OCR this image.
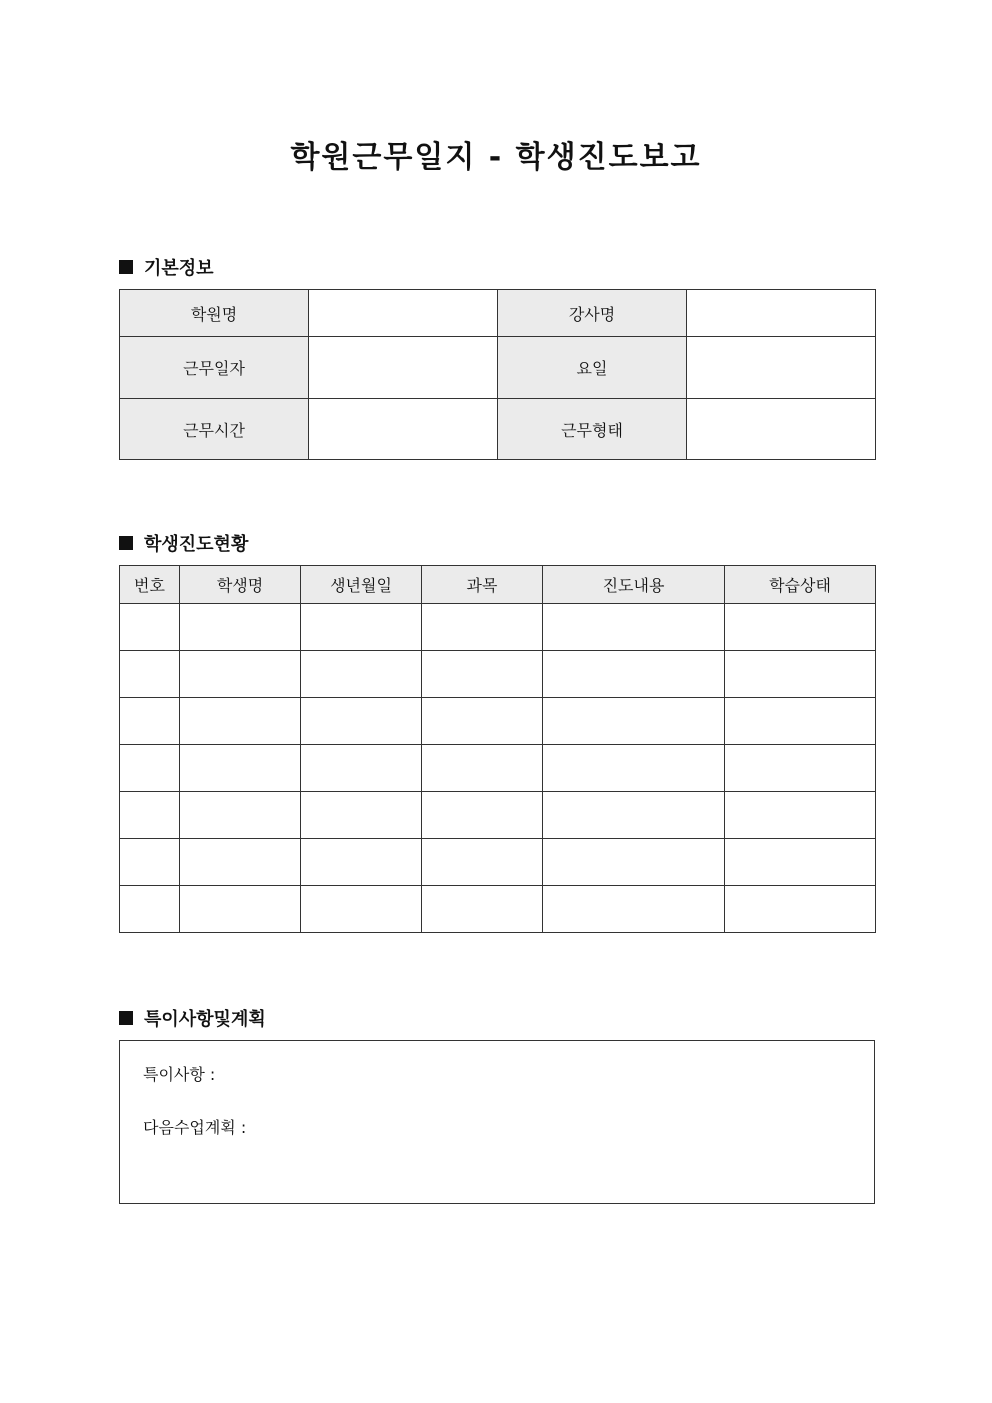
학원근무일지 - 학생진도보고
기본정보
학원명		강사명	
근무일자		요일	
근무시간		근무형태	
학생진도현황
번호	학생명	생년월일	과목	진도내용	학습상태

특이사항및계획
특이사항 :
다음수업계획 :
